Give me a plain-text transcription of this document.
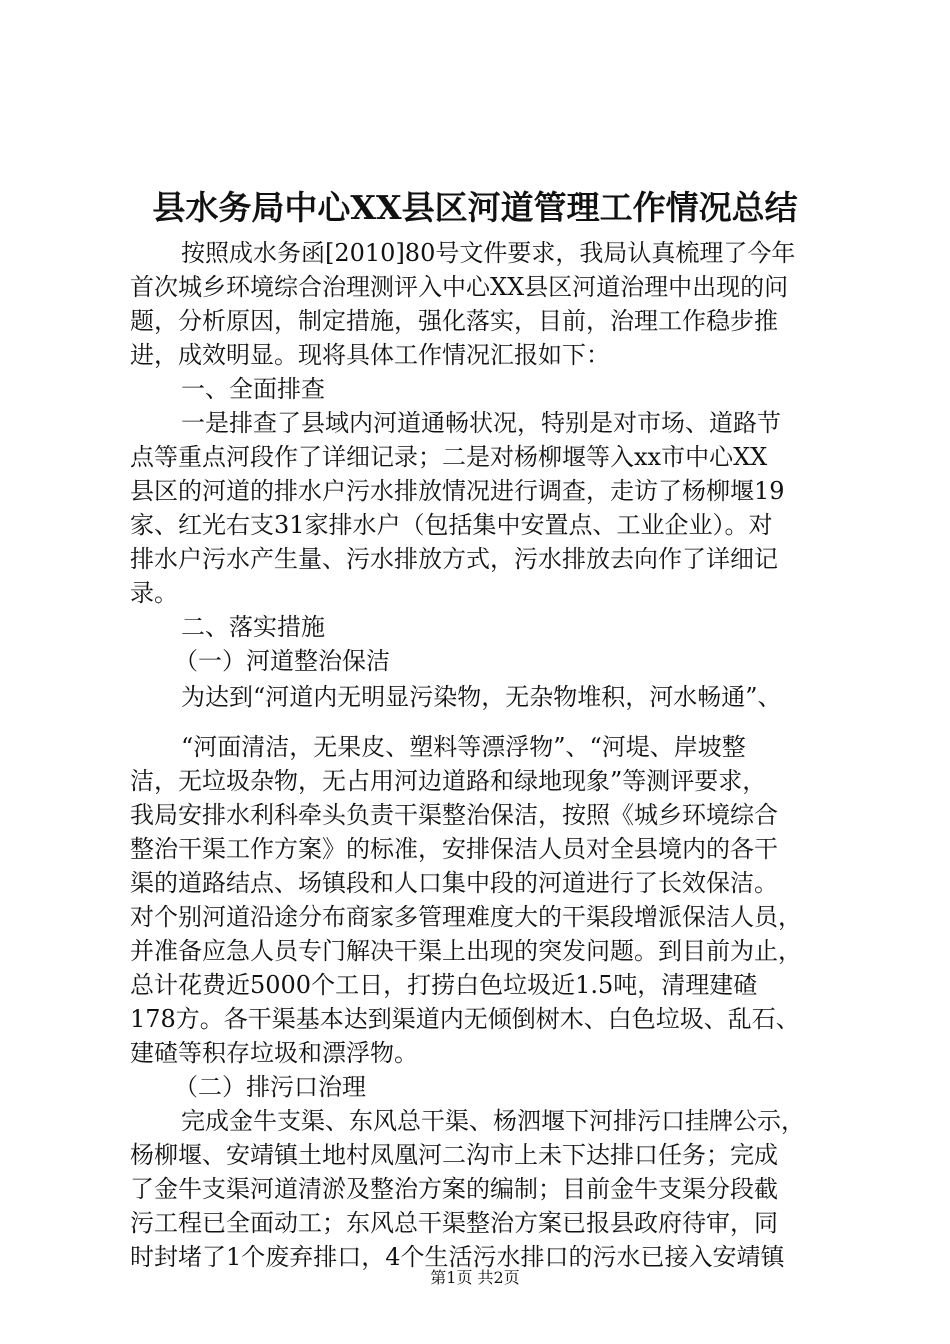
县水务局中心XX县区河道管理工作情况总结
按照成水务函[2010]80号文件要求，我局认真梳理了今年
首次城乡环境综合治理测评入中心XX县区河道治理中出现的问
题，分析原因，制定措施，强化落实，目前，治理工作稳步推
进，成效明显。现将具体工作情况汇报如下：
一、全面排查
一是排查了县域内河道通畅状况，特别是对市场、道路节
点等重点河段作了详细记录；二是对杨柳堰等入xx市中心XX
县区的河道的排水户污水排放情况进行调查，走访了杨柳堰19
家、红光右支31家排水户（包括集中安置点、工业企业）。对
排水户污水产生量、污水排放方式，污水排放去向作了详细记
录。
二、落实措施
（一）河道整治保洁
为达到“河道内无明显污染物，无杂物堆积，河水畅通”、
“河面清洁，无果皮、塑料等漂浮物”、“河堤、岸坡整
洁，无垃圾杂物，无占用河边道路和绿地现象”等测评要求，
我局安排水利科牵头负责干渠整治保洁，按照《城乡环境综合
整治干渠工作方案》的标准，安排保洁人员对全县境内的各干
渠的道路结点、场镇段和人口集中段的河道进行了长效保洁。
对个别河道沿途分布商家多管理难度大的干渠段增派保洁人员，
并准备应急人员专门解决干渠上出现的突发问题。到目前为止，
总计花费近5000个工日，打捞白色垃圾近1.5吨，清理建碴
178方。各干渠基本达到渠道内无倾倒树木、白色垃圾、乱石、
建碴等积存垃圾和漂浮物。
（二）排污口治理
完成金牛支渠、东风总干渠、杨泗堰下河排污口挂牌公示，
杨柳堰、安靖镇土地村凤凰河二沟市上未下达排口任务；完成
了金牛支渠河道清淤及整治方案的编制；目前金牛支渠分段截
污工程已全面动工；东风总干渠整治方案已报县政府待审，同
时封堵了1个废弃排口，4个生活污水排口的污水已接入安靖镇
第1页 共2页
